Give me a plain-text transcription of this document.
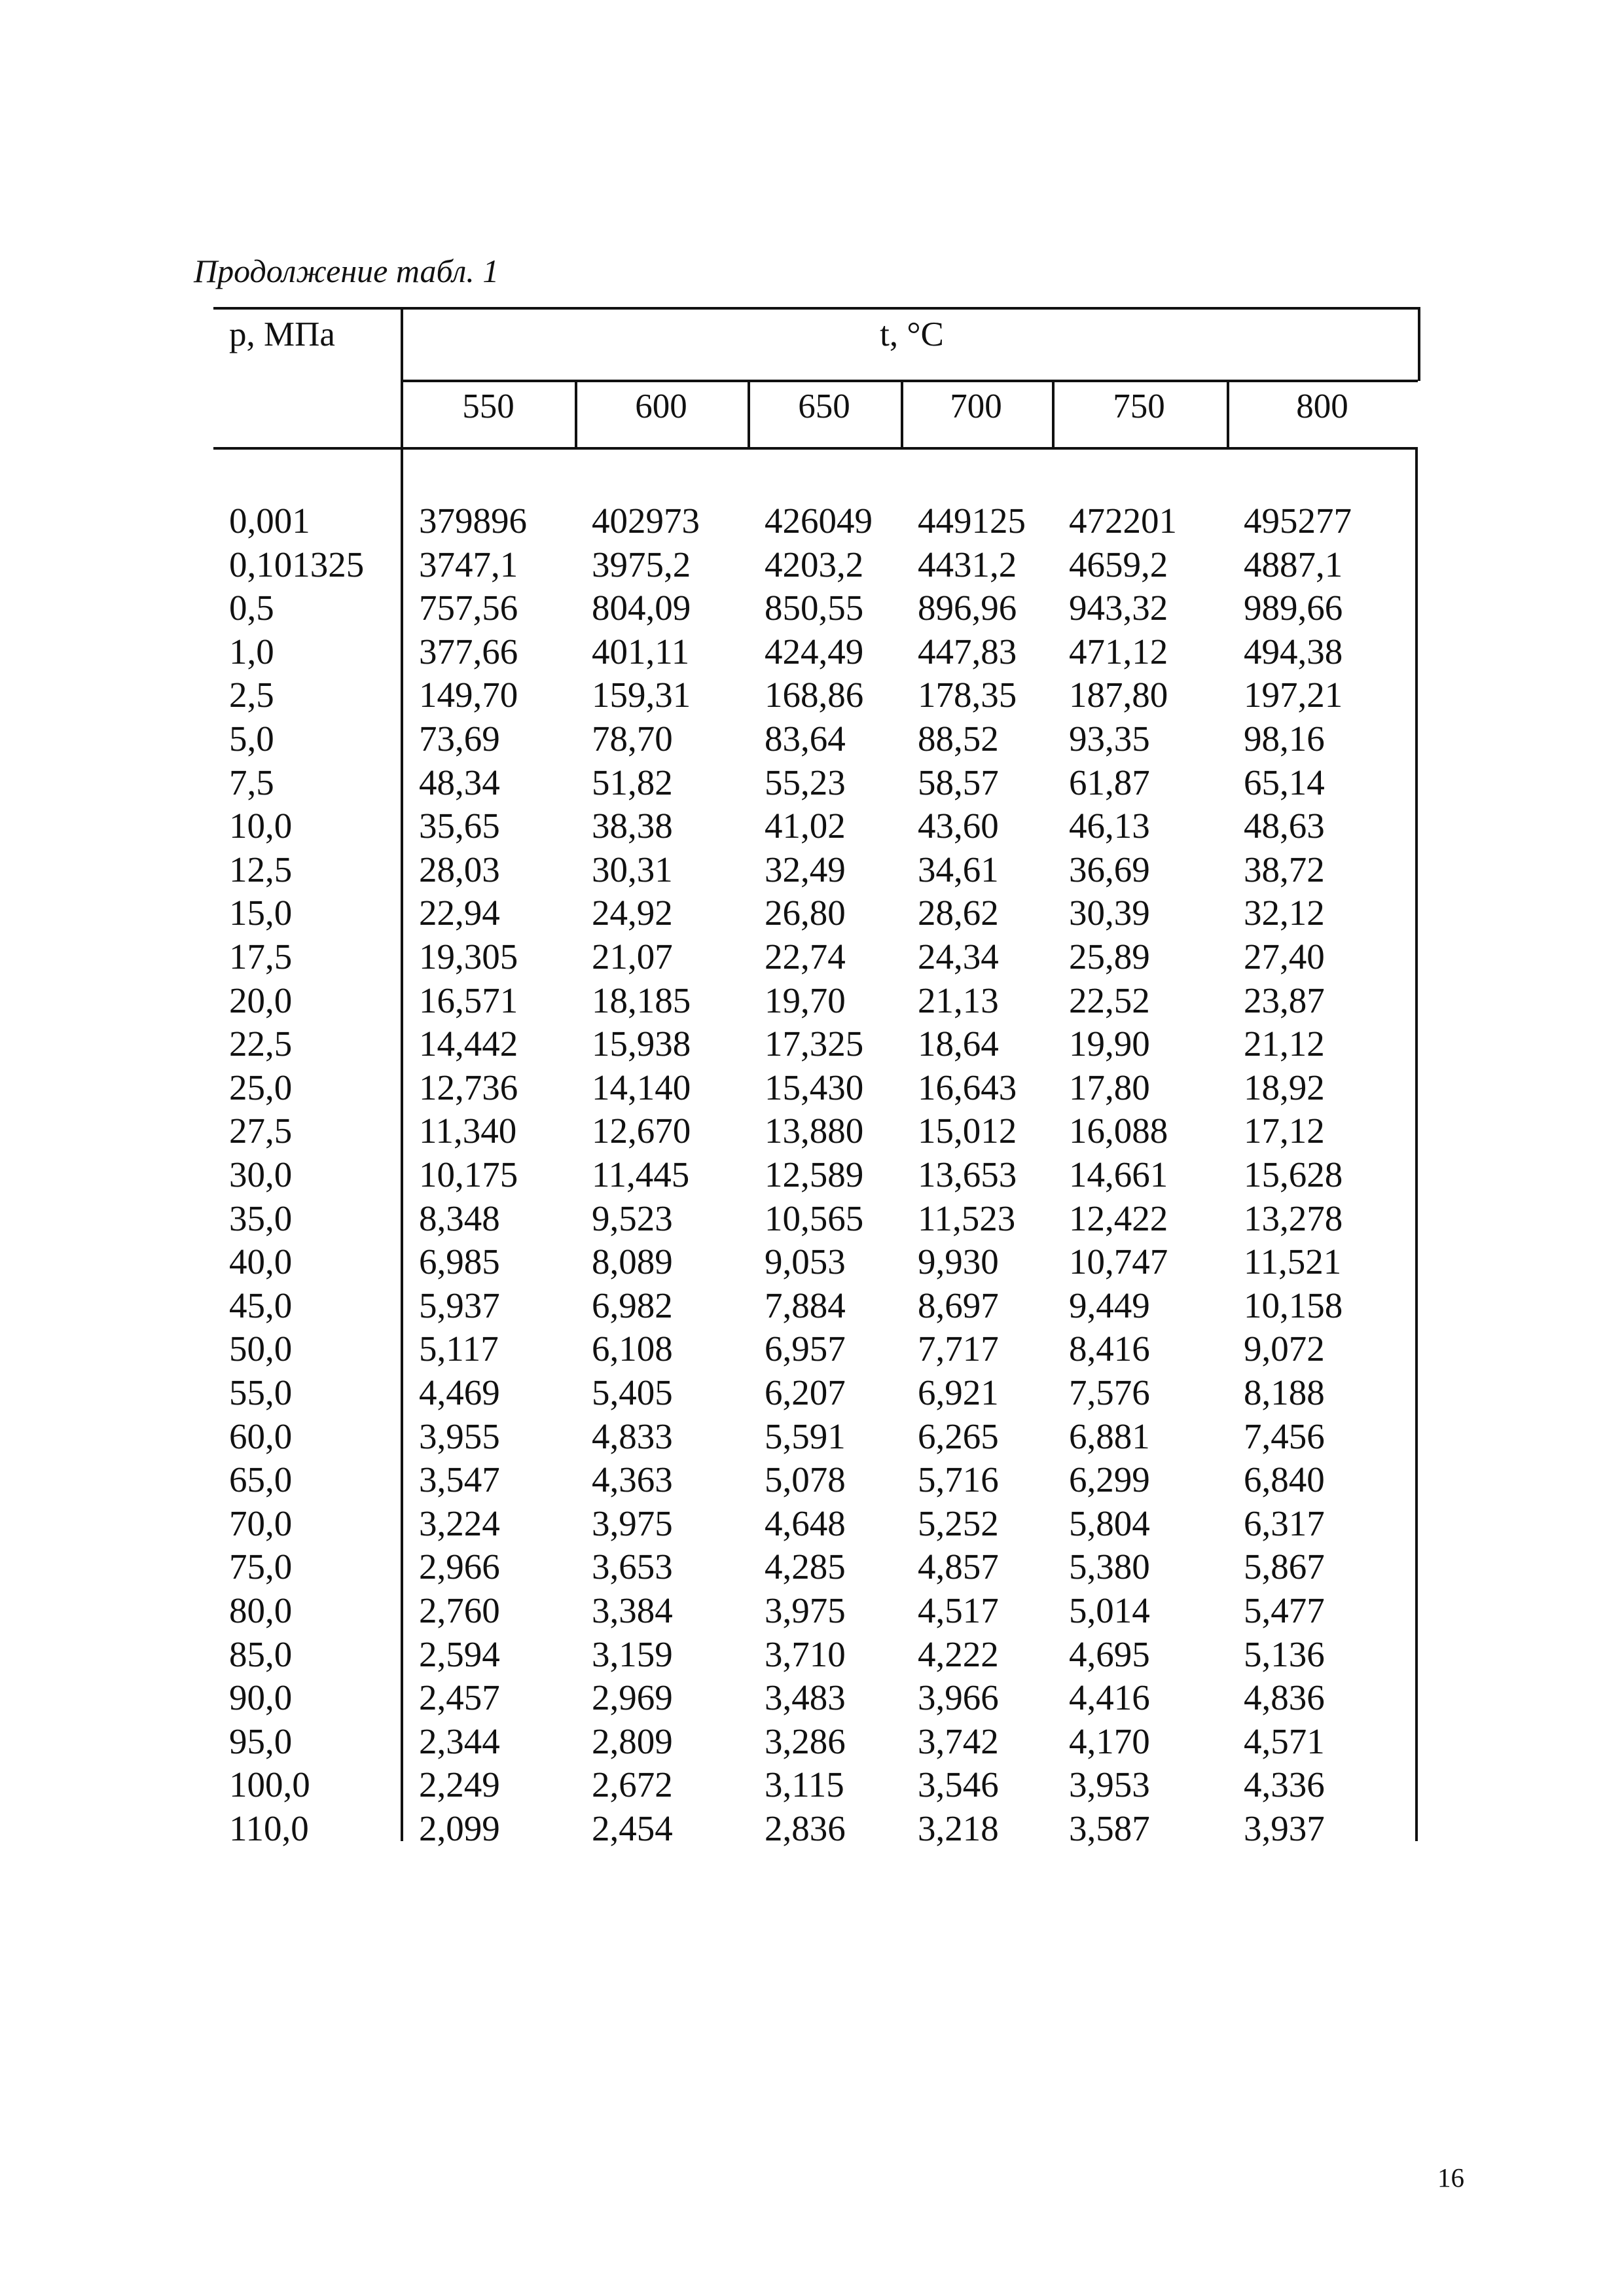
Продолжение табл. 1
p, МПа	t, °C
550	600	650	700	750	800
0,001	379896 402973 426049 449125 472201 495277
0,101325 3747,1 3975,2 4203,2 4431,2 4659,2 4887,1
0,5	757,56 804,09 850,55 896,96 943,32 989,66
1,0	377,66 401,11 424,49 447,83 471,12 494,38
2,5	149,70 159,31 168,86 178,35 187,80 197,21
5,0	73,69	78,70	83,64 88,52 93,35	98,16
7,5	48,34	51,82	55,23 58,57 61,87	65,14
10,0	35,65	38,38	41,02 43,60 46,13	48,63
12,5	28,03	30,31	32,49 34,61 36,69	38,72
15,0	22,94	24,92	26,80 28,62 30,39	32,12
17,5	19,305 21,07	22,74 24,34 25,89	27,40
20,0	16,571 18,185 19,70 21,13 22,52	23,87
22,5	14,442 15,938 17,325 18,64 19,90	21,12
25,0	12,736 14,140 15,430 16,643 17,80	18,92
27,5	11,340 12,670 13,880 15,012 16,088 17,12
30,0	10,175 11,445 12,589 13,653 14,661 15,628
35,0	8,348	9,523	10,565 11,523 12,422 13,278
40,0	6,985	8,089	9,053 9,930 10,747 11,521
45,0	5,937	6,982	7,884 8,697 9,449	10,158
50,0	5,117	6,108	6,957 7,717 8,416	9,072
55,0	4,469	5,405	6,207 6,921 7,576	8,188
60,0	3,955	4,833	5,591 6,265 6,881	7,456
65,0	3,547	4,363	5,078 5,716 6,299	6,840
70,0	3,224	3,975	4,648 5,252 5,804	6,317
75,0	2,966	3,653	4,285 4,857 5,380	5,867
80,0	2,760	3,384	3,975 4,517 5,014	5,477
85,0	2,594	3,159	3,710 4,222 4,695	5,136
90,0	2,457	2,969	3,483 3,966 4,416	4,836
95,0	2,344	2,809	3,286 3,742 4,170	4,571
100,0	2,249	2,672	3,115 3,546 3,953	4,336
110,0	2,099	2,454	2,836 3,218 3,587	3,937
16
